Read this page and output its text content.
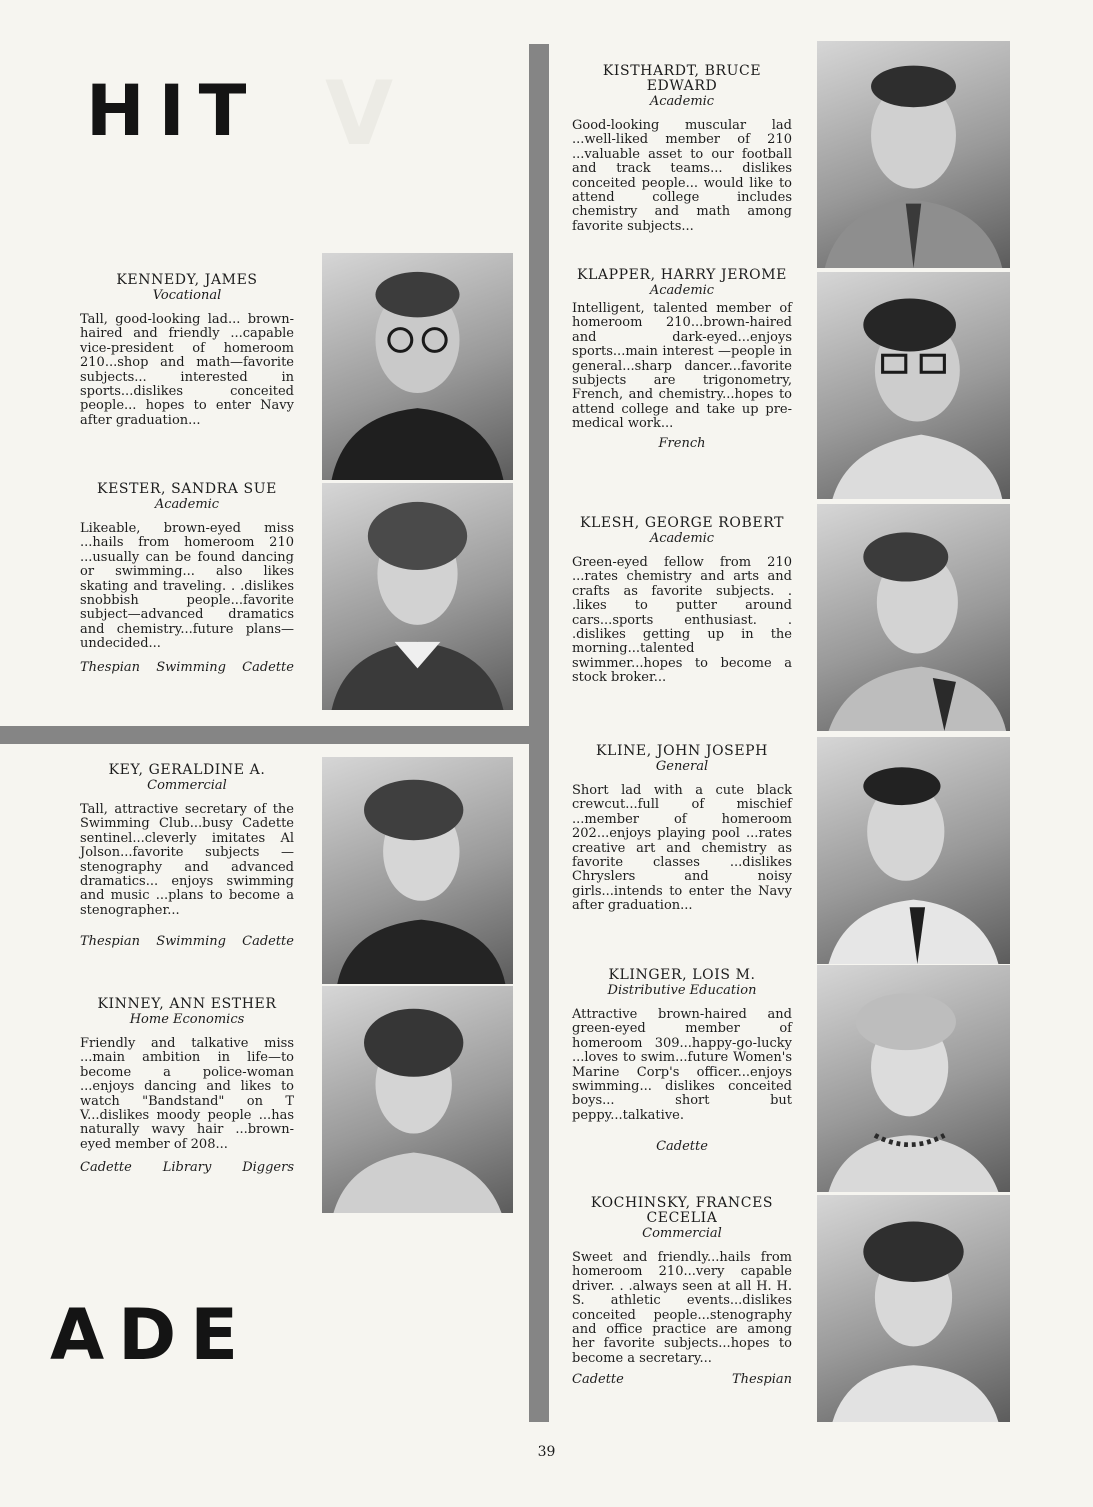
V
HIT
ADE
KENNEDY, JAMES
Vocational

Tall, good-looking lad... brown-haired and friendly ...capable vice-president of homeroom 210...shop and math—favorite subjects... interested in sports...dislikes conceited people... hopes to enter Navy after graduation...

KESTER, SANDRA SUE
Academic

Likeable, brown-eyed miss ...hails from homeroom 210 ...usually can be found dancing or swimming... also likes skating and traveling. . .dislikes snobbish people...favorite subject—advanced dramatics and chemistry...future plans—undecided...

Thespian Swimming Cadette
KEY, GERALDINE A.
Commercial

Tall, attractive secretary of the Swimming Club...busy Cadette sentinel...cleverly imitates Al Jolson...favorite subjects — stenography and advanced dramatics... enjoys swimming and music ...plans to become a stenographer...

Thespian Swimming Cadette
KINNEY, ANN ESTHER
Home Economics

Friendly and talkative miss ...main ambition in life—to become a police-woman ...enjoys dancing and likes to watch "Bandstand" on T V...dislikes moody people ...has naturally wavy hair ...brown-eyed member of 208...

Cadette Library Diggers
KISTHARDT, BRUCE EDWARD
Academic

Good-looking muscular lad ...well-liked member of 210 ...valuable asset to our football and track teams... dislikes conceited people... would like to attend college includes chemistry and math among favorite subjects...

KLAPPER, HARRY JEROME
Academic

Intelligent, talented member of homeroom 210...brown-haired and dark-eyed...enjoys sports...main interest —people in general...sharp dancer...favorite subjects are trigonometry, French, and chemistry...hopes to attend college and take up pre-medical work...

French
KLESH, GEORGE ROBERT
Academic

Green-eyed fellow from 210 ...rates chemistry and arts and crafts as favorite subjects. . .likes to putter around cars...sports enthusiast. . .dislikes getting up in the morning...talented swimmer...hopes to become a stock broker...

KLINE, JOHN JOSEPH
General

Short lad with a cute black crewcut...full of mischief ...member of homeroom 202...enjoys playing pool ...rates creative art and chemistry as favorite classes ...dislikes Chryslers and noisy girls...intends to enter the Navy after graduation...

KLINGER, LOIS M.
Distributive Education

Attractive brown-haired and green-eyed member of homeroom 309...happy-go-lucky ...loves to swim...future Women's Marine Corp's officer...enjoys swimming... dislikes conceited boys... short but peppy...talkative.

Cadette
KOCHINSKY, FRANCES CECELIA
Commercial

Sweet and friendly...hails from homeroom 210...very capable driver. . .always seen at all H. H. S. athletic events...dislikes conceited people...stenography and office practice are among her favorite subjects...hopes to become a secretary...

Cadette	Thespian
39
